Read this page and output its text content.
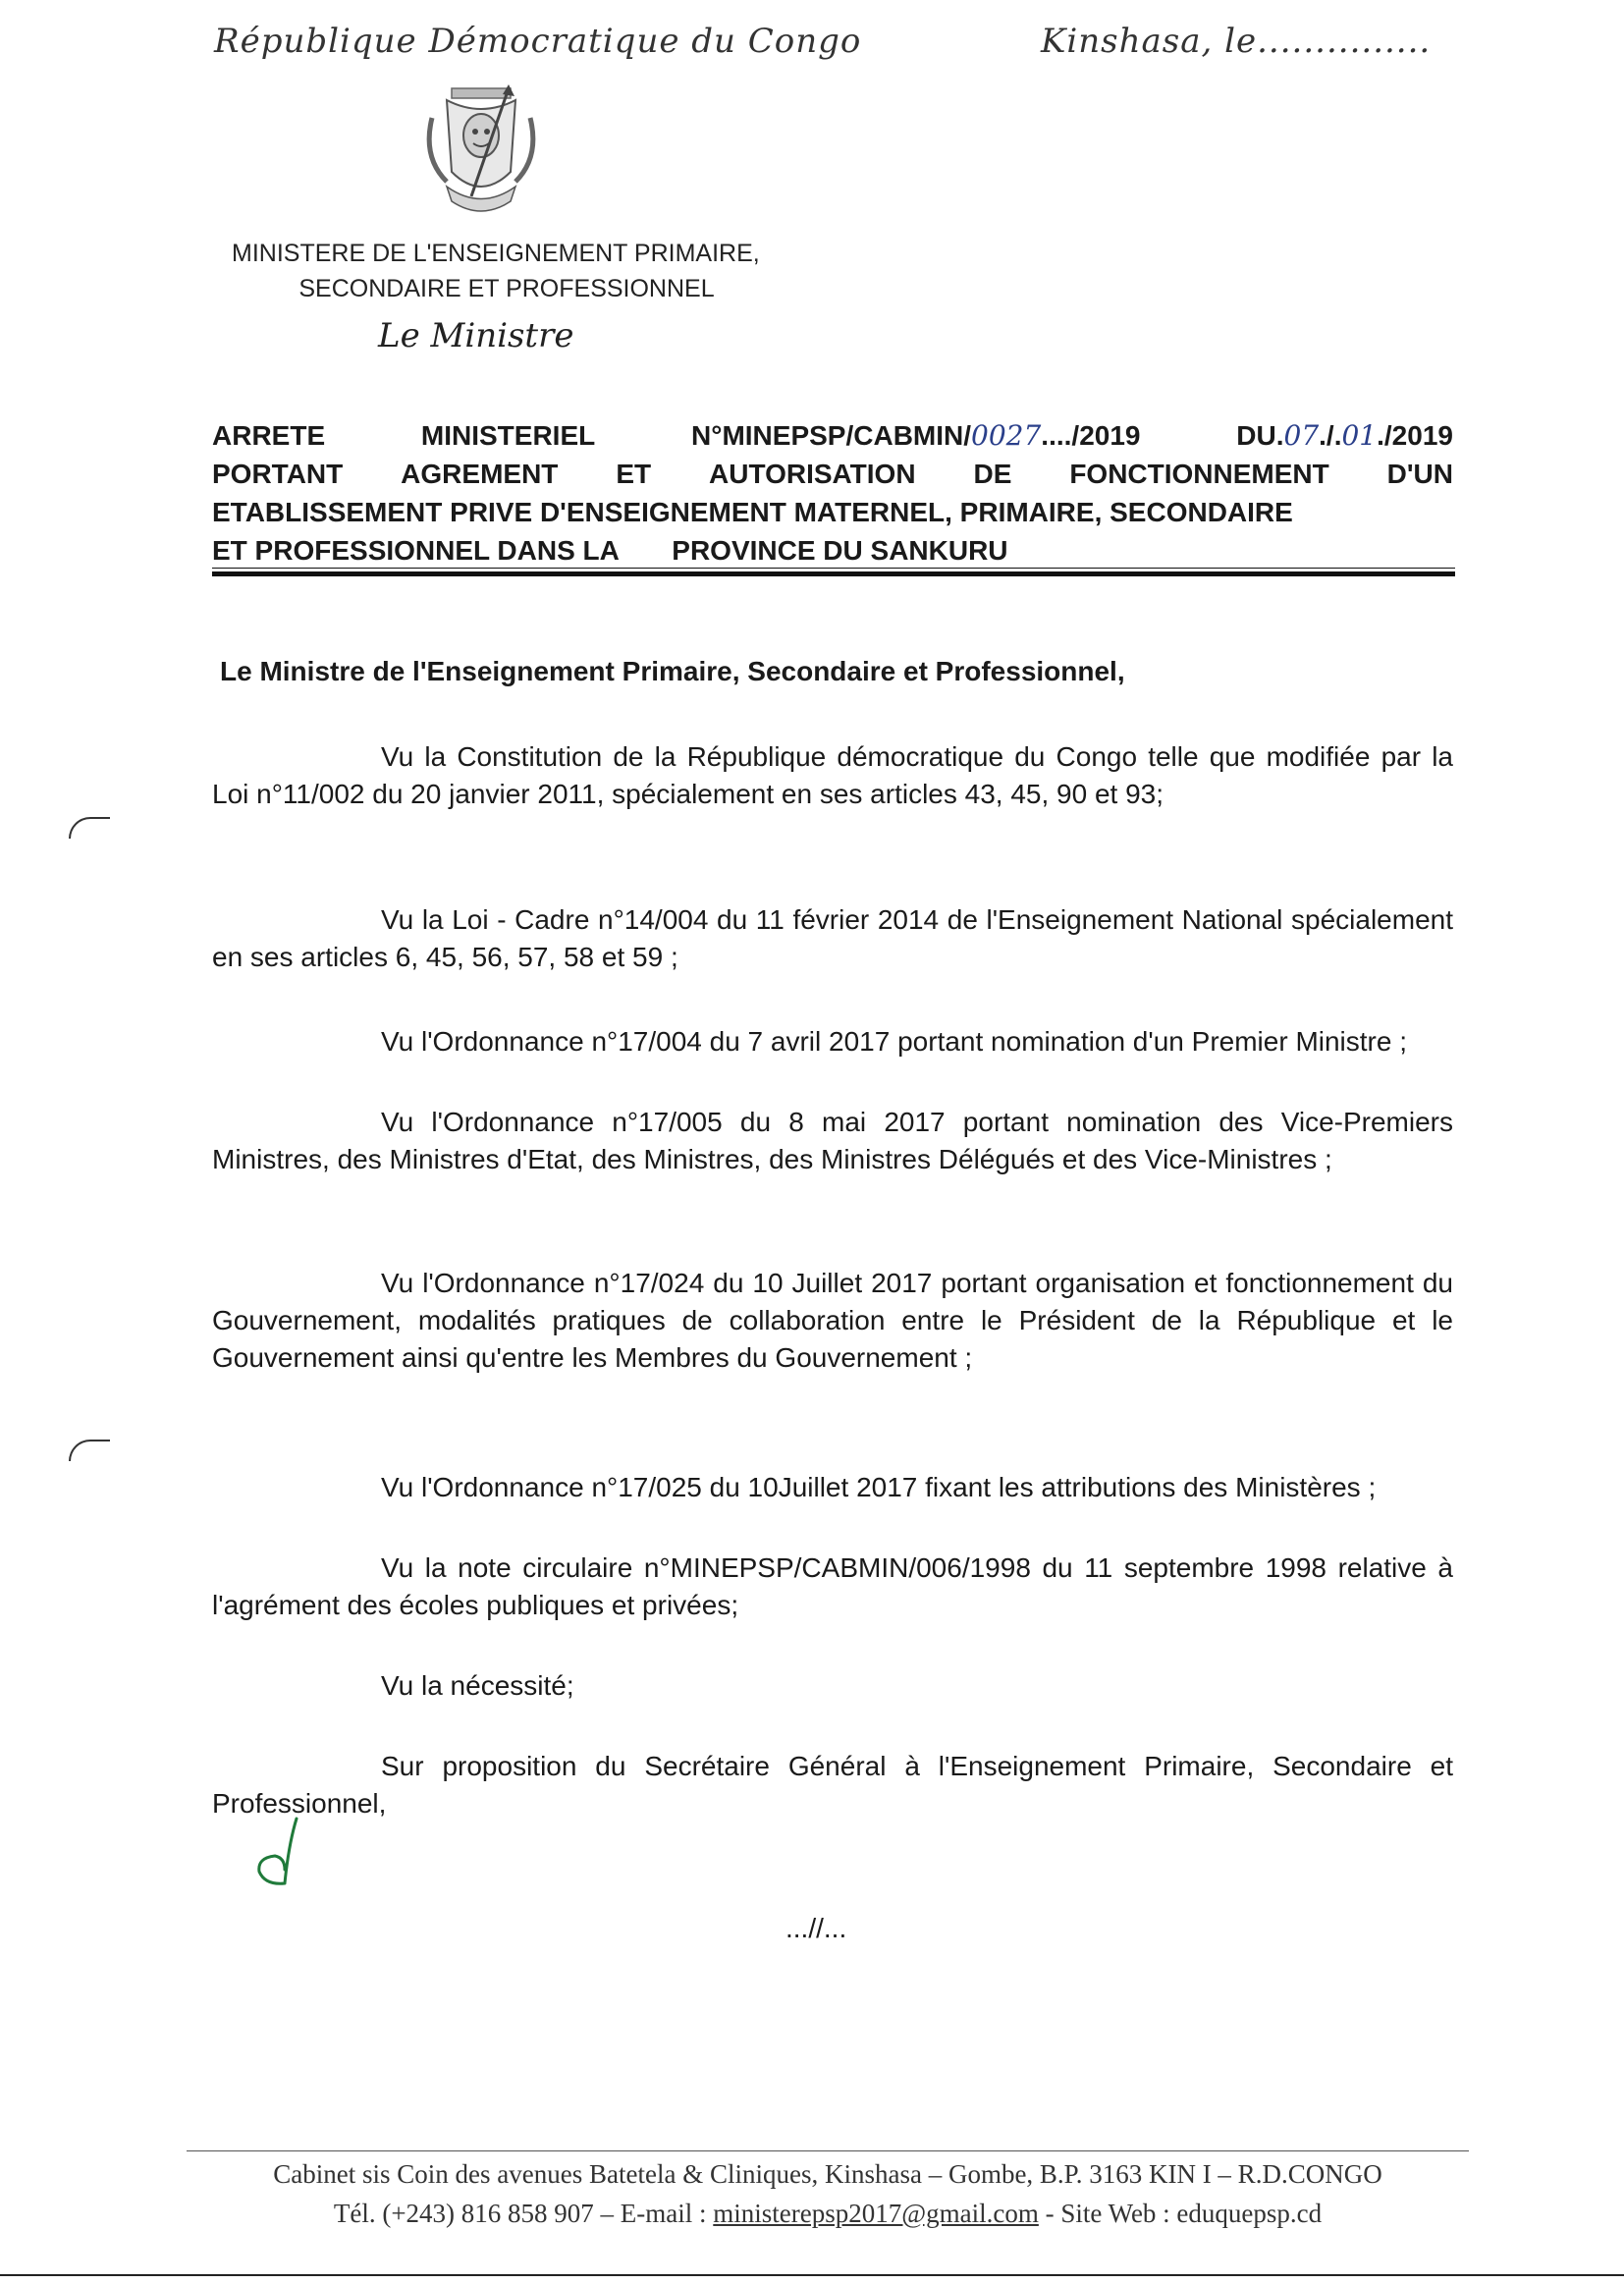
République Démocratique du Congo	Kinshasa, le...............
MINISTERE DE L'ENSEIGNEMENT PRIMAIRE,
SECONDAIRE ET PROFESSIONNEL
Le Ministre
ARRETE	MINISTERIEL	N°MINEPSP/CABMIN/0027..../2019	DU.07./.01./2019
PORTANT AGREMENT ET AUTORISATION DE FONCTIONNEMENT D'UN
ETABLISSEMENT PRIVE D'ENSEIGNEMENT MATERNEL, PRIMAIRE, SECONDAIRE
ET PROFESSIONNEL DANS LA       PROVINCE DU SANKURU
Le Ministre de l'Enseignement Primaire, Secondaire et Professionnel,
Vu la Constitution de la République démocratique du Congo telle que modifiée par la Loi n°11/002 du 20 janvier 2011, spécialement en ses articles 43, 45, 90 et 93;
Vu la Loi - Cadre n°14/004 du 11 février 2014 de l'Enseignement National spécialement en ses articles 6, 45, 56, 57, 58 et 59 ;
Vu l'Ordonnance n°17/004 du 7 avril 2017 portant nomination d'un Premier Ministre ;
Vu l'Ordonnance n°17/005 du 8 mai 2017 portant nomination des Vice-Premiers Ministres, des Ministres d'Etat, des Ministres, des Ministres Délégués et des Vice-Ministres ;
Vu l'Ordonnance n°17/024 du 10 Juillet 2017 portant organisation et fonctionnement du Gouvernement, modalités pratiques de collaboration entre le Président de la République et le Gouvernement ainsi qu'entre les Membres du Gouvernement ;
Vu l'Ordonnance n°17/025 du 10Juillet 2017 fixant les attributions des Ministères ;
Vu la note circulaire n°MINEPSP/CABMIN/006/1998 du 11 septembre 1998 relative à l'agrément des écoles publiques et privées;
Vu la nécessité;
Sur proposition du Secrétaire Général à l'Enseignement Primaire, Secondaire et Professionnel,
...//...
Cabinet sis Coin des avenues Batetela & Cliniques, Kinshasa – Gombe, B.P. 3163 KIN I – R.D.CONGO
Tél. (+243) 816 858 907 – E-mail : ministerepsp2017@gmail.com - Site Web : eduquepsp.cd
